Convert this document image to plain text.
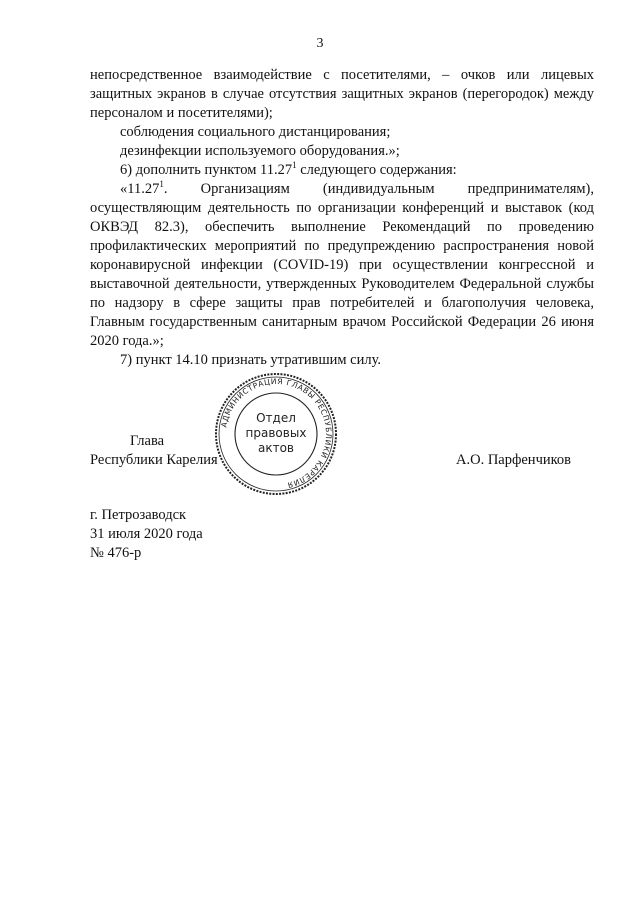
3

непосредственное взаимодействие с посетителями, – очков или лицевых защитных экранов в случае отсутствия защитных экранов (перегородок) между персоналом и посетителями);

соблюдения социального дистанцирования;

дезинфекции используемого оборудования.»;

6) дополнить пунктом 11.27$^1$ следующего содержания:

«11.27$^1$. Организациям (индивидуальным предпринимателям), осуществляющим деятельность по организации конференций и выставок (код ОКВЭД 82.3), обеспечить выполнение Рекомендаций по проведению профилактических мероприятий по предупреждению распространения новой коронавирусной инфекции (COVID-19) при осуществлении конгрессной и выставочной деятельности, утвержденных Руководителем Федеральной службы по надзору в сфере защиты прав потребителей и благополучия человека, Главным государственным санитарным врачом Российской Федерации 26 июня 2020 года.»;

7) пункт 14.10 признать утратившим силу.

АДМИНИСТРАЦИЯ ГЛАВЫ РЕСПУБЛИКИ КАРЕЛИЯ
Отдел
правовых
актов
Глава
Республики Карелия	А.О. Парфенчиков
г. Петрозаводск
31 июля 2020 года
№ 476-р
